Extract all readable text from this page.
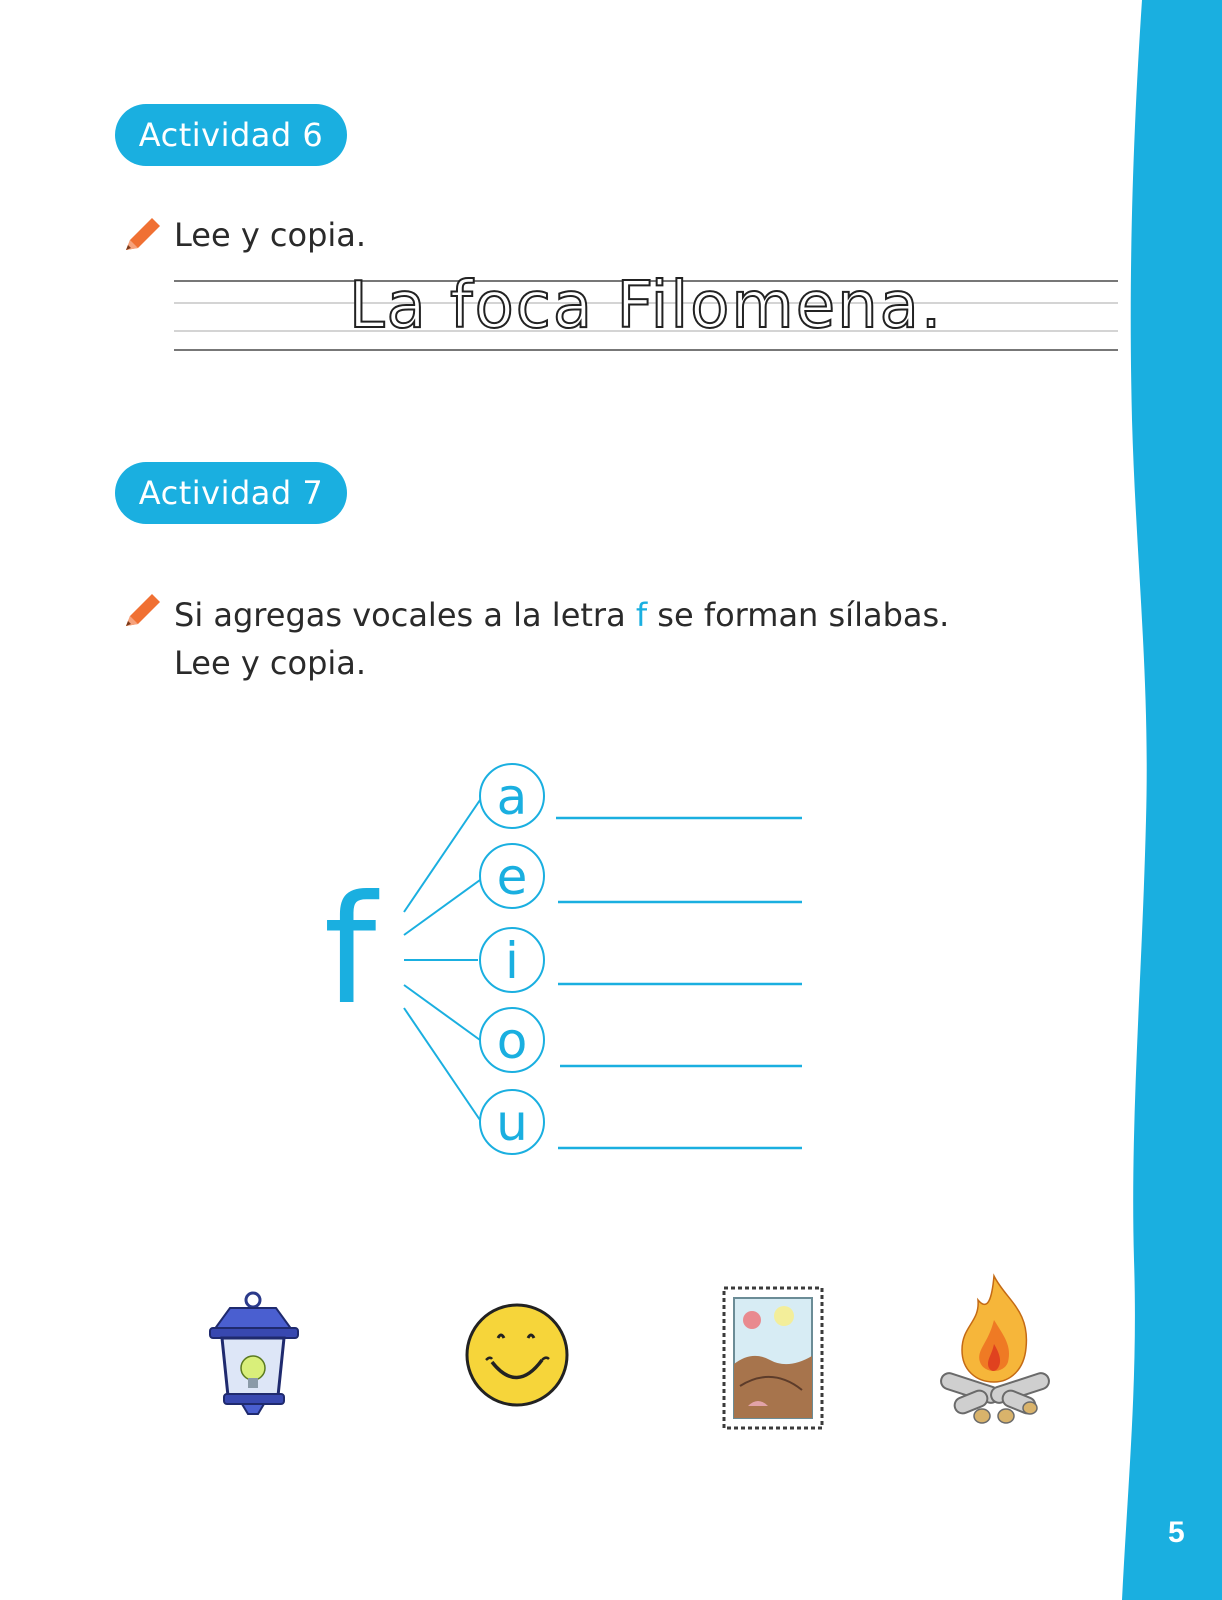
Actividad 6

Lee y copia.

La foca Filomena.
Actividad 7

Si agregas vocales a la letra f se forman sílabas.

Lee y copia.

f
a
e
i
o
u
5
